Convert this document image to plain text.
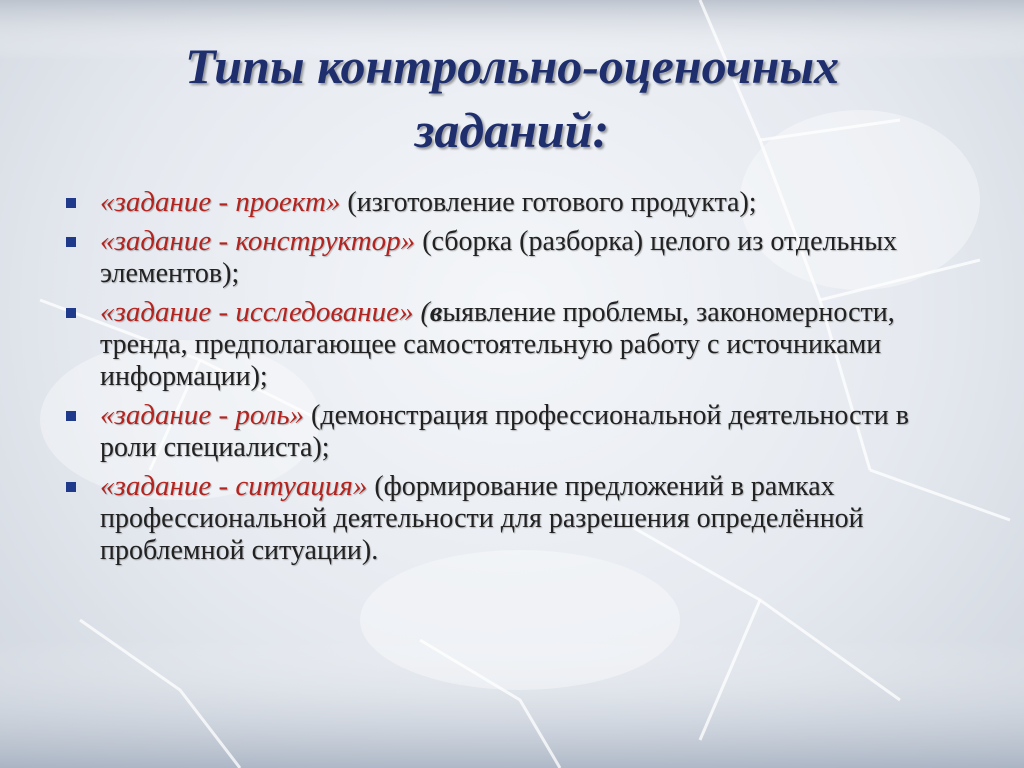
Типы контрольно-оценочных
заданий:
«задание - проект» (изготовление готового продукта);
«задание - конструктор» (сборка (разборка) целого из отдельных элементов);
«задание - исследование» (выявление проблемы, закономерности, тренда, предполагающее самостоятельную работу с источниками информации);
«задание - роль» (демонстрация профессиональной деятельности в роли специалиста);
«задание - ситуация» (формирование предложений в рамках профессиональной деятельности для разрешения определённой проблемной ситуации).
